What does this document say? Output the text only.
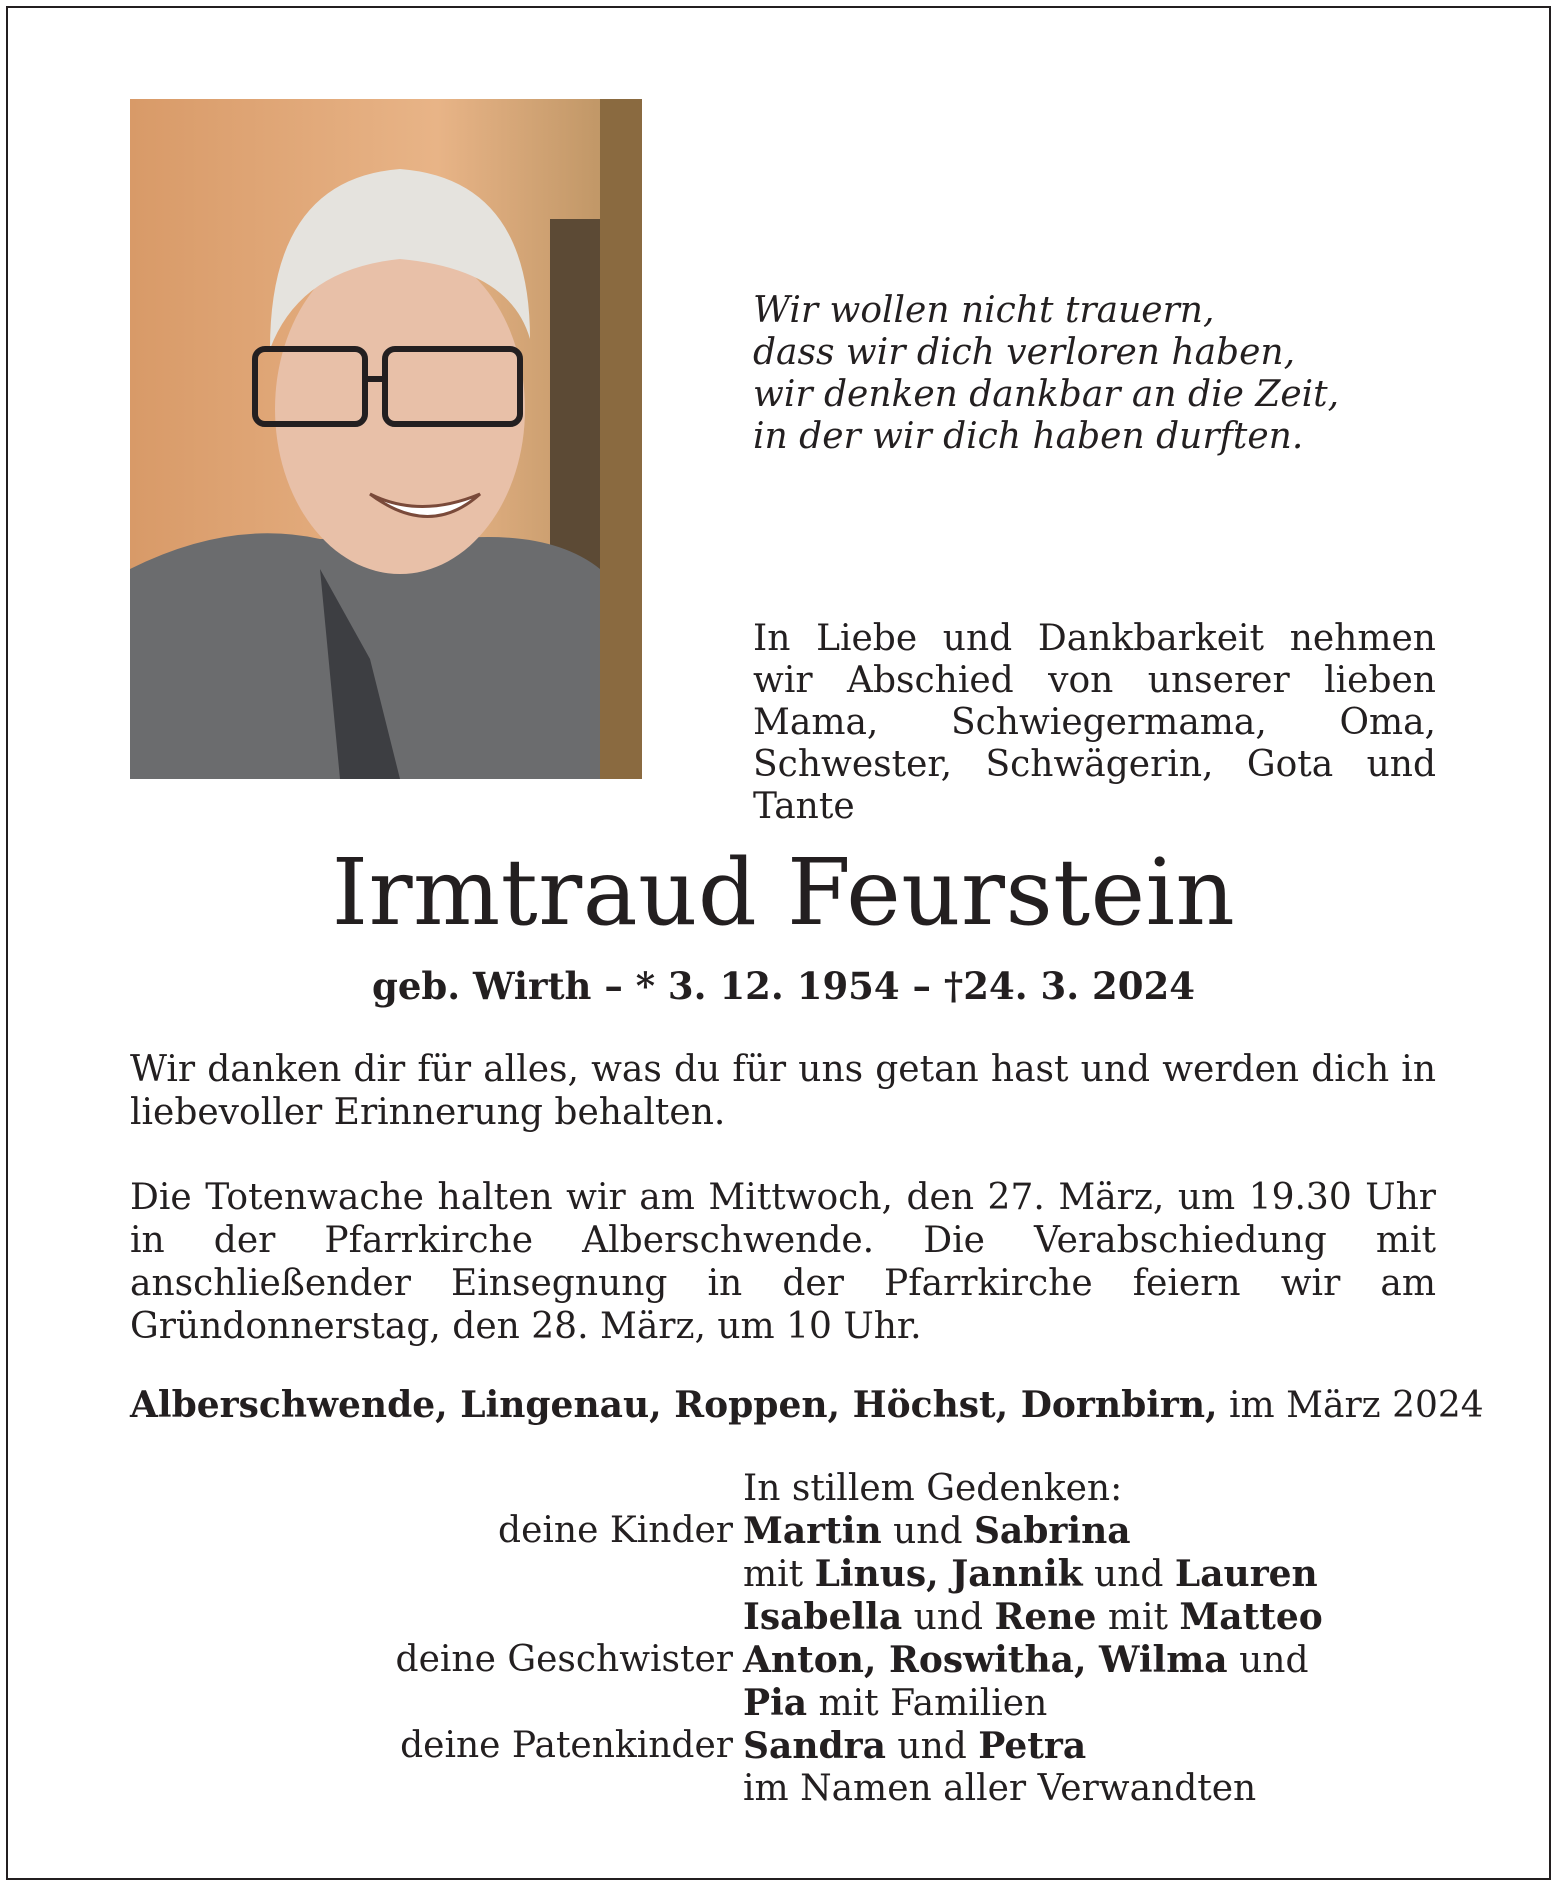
Wir wollen nicht trauern,
dass wir dich verloren haben,
wir denken dankbar an die Zeit,
in der wir dich haben durften.
In Liebe und Dankbarkeit nehmen wir Abschied von unserer lieben Mama, Schwiegermama, Oma, Schwester, Schwägerin, Gota und Tante
Irmtraud Feurstein
geb. Wirth – * 3. 12. 1954 – †24. 3. 2024
Wir danken dir für alles, was du für uns getan hast und werden dich in liebevoller Erinnerung behalten.
Die Totenwache halten wir am Mittwoch, den 27. März, um 19.30 Uhr in der Pfarrkirche Alberschwende. Die Verabschiedung mit anschließender Einsegnung in der Pfarrkirche feiern wir am Gründonnerstag, den 28. März, um 10 Uhr.
Alberschwende, Lingenau, Roppen, Höchst, Dornbirn, im März 2024
In stillem Gedenken:
deine Kinder Martin und Sabrina
mit Linus, Jannik und Lauren
Isabella und Rene mit Matteo
deine Geschwister Anton, Roswitha, Wilma und
Pia mit Familien
deine Patenkinder Sandra und Petra
im Namen aller Verwandten
